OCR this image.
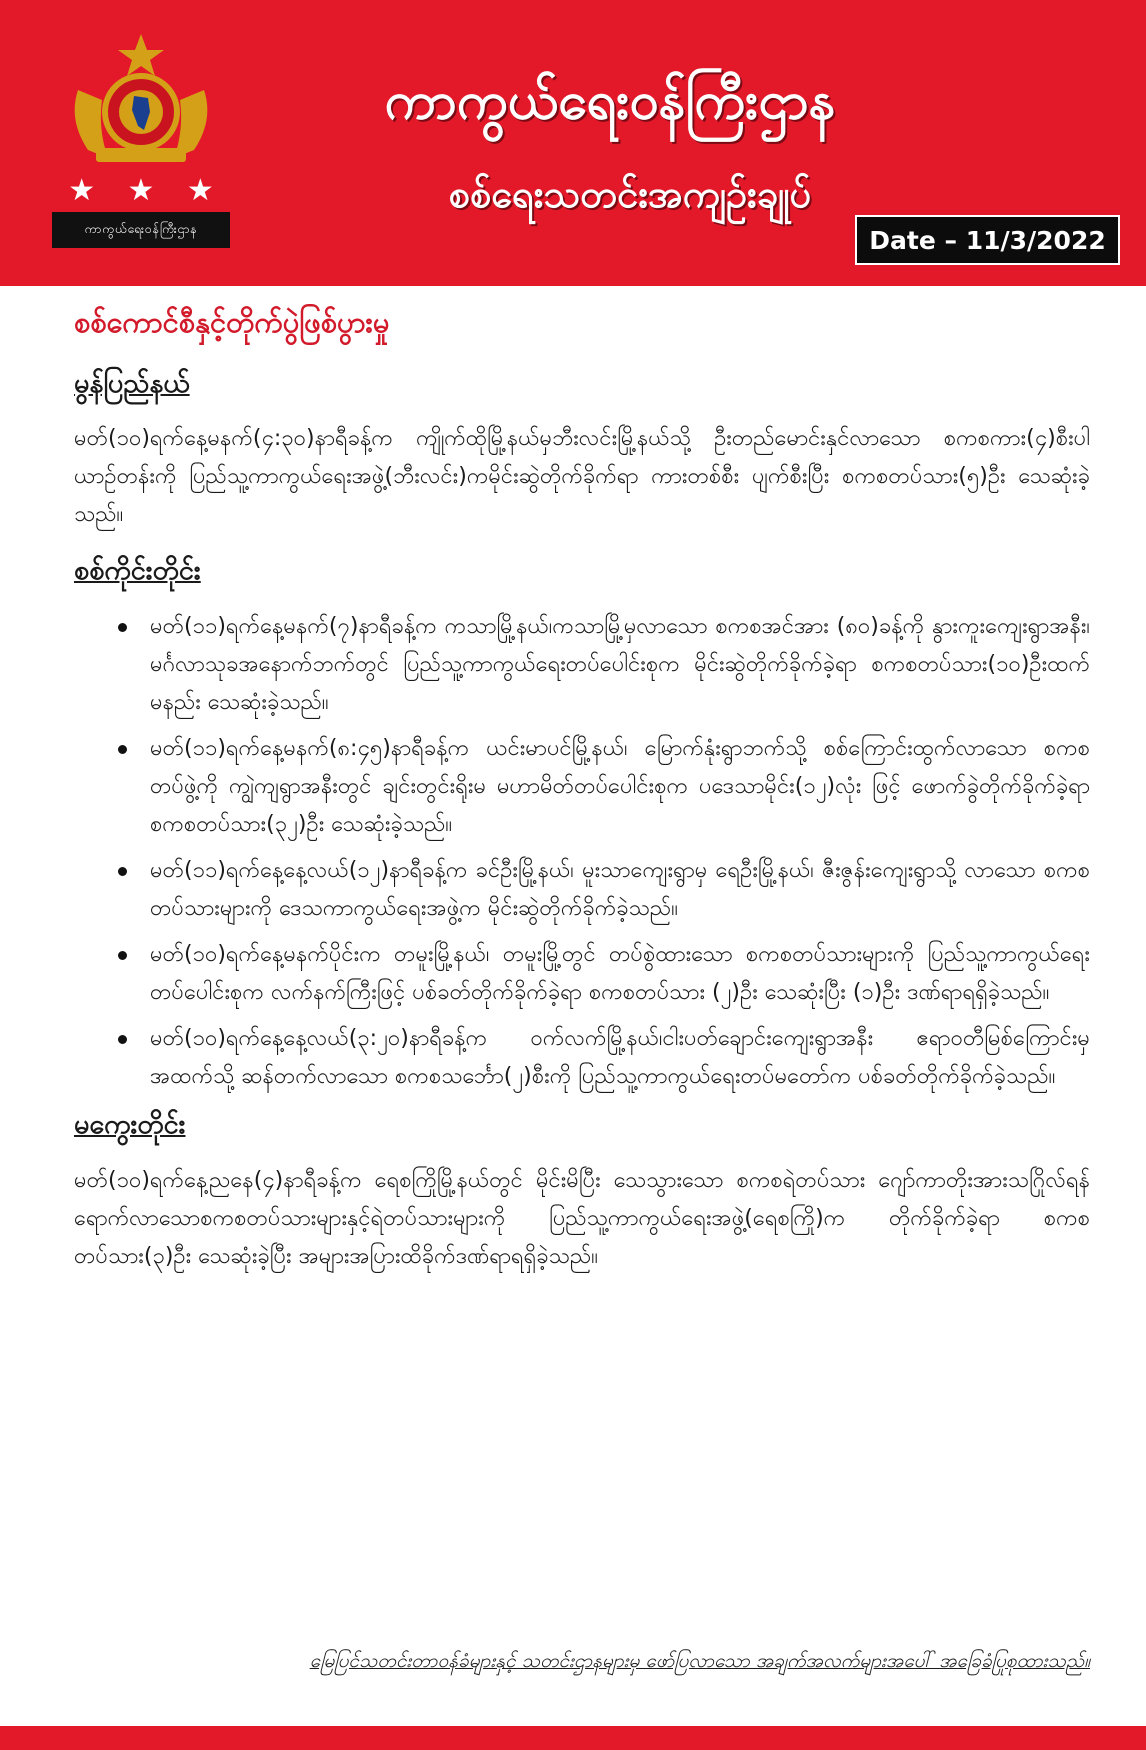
★ ★ ★
ကာကွယ်ရေးဝန်ကြီးဌာန
ကာကွယ်ရေးဝန်ကြီးဌာန
စစ်ရေးသတင်းအကျဉ်းချုပ်
Date – 11/3/2022
စစ်ကောင်စီနှင့်တိုက်ပွဲဖြစ်ပွားမှု
မွန်ပြည်နယ်

မတ်(၁၀)ရက်နေ့မနက်(၄:၃၀)နာရီခန့်က ကျိုက်ထိုမြို့နယ်မှဘီးလင်းမြို့နယ်သို့ ဦးတည်မောင်းနှင်လာသော စကစကား(၄)စီးပါ ယာဉ်တန်းကို ပြည်သူ့ကာကွယ်ရေးအဖွဲ့(ဘီးလင်း)ကမိုင်းဆွဲတိုက်ခိုက်ရာ ကားတစ်စီး ပျက်စီးပြီး စကစတပ်သား(၅)ဦး သေဆုံးခဲ့သည်။

စစ်ကိုင်းတိုင်း
မတ်(၁၁)ရက်နေ့မနက်(၇)နာရီခန့်က ကသာမြို့နယ်၊ကသာမြို့မှလာသော စကစအင်အား (၈၀)ခန့်ကို နွားကူးကျေးရွာအနီး၊ မင်္ဂလာသုခအနောက်ဘက်တွင် ပြည်သူ့ကာကွယ်ရေးတပ်ပေါင်းစုက မိုင်းဆွဲတိုက်ခိုက်ခဲ့ရာ စကစတပ်သား(၁၀)ဦးထက်မနည်း သေဆုံးခဲ့သည်။
မတ်(၁၁)ရက်နေ့မနက်(၈:၄၅)နာရီခန့်က ယင်းမာပင်မြို့နယ်၊ မြောက်နုံးရွာဘက်သို့ စစ်ကြောင်းထွက်လာသော စကစတပ်ဖွဲ့ကို ကျွဲကျရွာအနီးတွင် ချင်းတွင်းရိုးမ မဟာမိတ်တပ်ပေါင်းစုက ပဒေသာမိုင်း(၁၂)လုံး ဖြင့် ဖောက်ခွဲတိုက်ခိုက်ခဲ့ရာ စကစတပ်သား(၃၂)ဦး သေဆုံးခဲ့သည်။
မတ်(၁၁)ရက်နေ့နေ့လယ်(၁၂)နာရီခန့်က ခင်ဦးမြို့နယ်၊ မူးသာကျေးရွာမှ ရေဦးမြို့နယ်၊ ဇီးဇွန်းကျေးရွာသို့ လာသော စကစတပ်သားများကို ဒေသကာကွယ်ရေးအဖွဲ့က မိုင်းဆွဲတိုက်ခိုက်ခဲ့သည်။
မတ်(၁၀)ရက်နေ့မနက်ပိုင်းက တမူးမြို့နယ်၊ တမူးမြို့တွင် တပ်စွဲထားသော စကစတပ်သားများကို ပြည်သူ့ကာကွယ်ရေးတပ်ပေါင်းစုက လက်နက်ကြီးဖြင့် ပစ်ခတ်တိုက်ခိုက်ခဲ့ရာ စကစတပ်သား (၂)ဦး သေဆုံးပြီး (၁)ဦး ဒဏ်ရာရရှိခဲ့သည်။
မတ်(၁၀)ရက်နေ့နေ့လယ်(၃:၂၀)နာရီခန့်က ဝက်လက်မြို့နယ်၊ငါးပတ်ချောင်းကျေးရွာအနီး ဧရာဝတီမြစ်ကြောင်းမှ အထက်သို့ ဆန်တက်လာသော စကစသင်္ဘော(၂)စီးကို ပြည်သူ့ကာကွယ်ရေးတပ်မတော်က ပစ်ခတ်တိုက်ခိုက်ခဲ့သည်။
မကွေးတိုင်း

မတ်(၁၀)ရက်နေ့ညနေ(၄)နာရီခန့်က ရေစကြိုမြို့နယ်တွင် မိုင်းမိပြီး သေသွားသော စကစရဲတပ်သား ဂျော်ကာတိုးအားသဂြိုလ်ရန် ရောက်လာသောစကစတပ်သားများနှင့်ရဲတပ်သားများကို ပြည်သူ့ကာကွယ်ရေးအဖွဲ့(ရေစကြို)က တိုက်ခိုက်ခဲ့ရာ စကစတပ်သား(၃)ဦး သေဆုံးခဲ့ပြီး အများအပြားထိခိုက်ဒဏ်ရာရရှိခဲ့သည်။

မြေပြင်သတင်းတာဝန်ခံများနှင့် သတင်းဌာနများမှ ဖော်ပြလာသော အချက်အလက်များအပေါ် အခြေခံပြုစုထားသည်။
